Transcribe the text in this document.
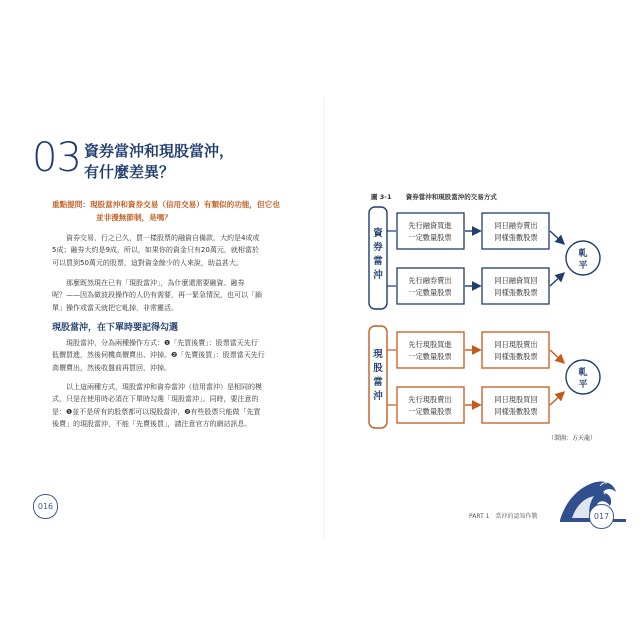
03 資券當沖和現股當沖，
有什麼差異？
重點提問：現股當沖和資券交易（信用交易）有類似的功能，但它也
並非漫無節制，是嗎？

資券交易，行之已久，買一樣股票的融資自備款，大約是4成或

5成；融券大約是9成，所以，如果你的資金只有20萬元，就相當於
可以買到50萬元的股票，這對資金餘少的人來說，助益甚大。

那麼既然現在已有「現股當沖」，為什麼還需要融資、融券

呢？——因為做波段操作的人仍有需要，再一緊急情況，也可以「鎖
單」操作或當天就把它軋掉，非常靈活。
現股當沖，在下單時要記得勾選

現股當沖，分為兩種操作方式：❶「先買後賣」：股票當天先行

低價買進，然後伺機高價賣出、沖掉。❷「先賣後買」：股票當天先行
高價賣出，然後收盤前再買回，沖掉。

以上這兩種方式，現股當沖和資券當沖（信用當沖）是相同的模

式，只是在使用時必須在下單時勾選「現股當沖」。同時，要注意的
是：❶並不是所有的股票都可以現股當沖，❷有些股票只能做「先買
後賣」的現股當沖，不能「先賣後買」，請注意官方的網站訊息。
016
圖 3-1 資券當沖和現股當沖的交易方式
資
券
當
沖
先行融資買進
一定數量股票
同日融券賣出
同樣張數股票
先行融券賣出
一定數量股票
同日融資買回
同樣張數股票
軋
平
現
股
當
沖
先行現股買進
一定數量股票
同日現股賣出
同樣張數股票
先行現股賣出
一定數量股票
同日現股買回
同樣張數股票
軋
平
（製圖：方天龍）
PART 1　當沖的認知作戰	017
